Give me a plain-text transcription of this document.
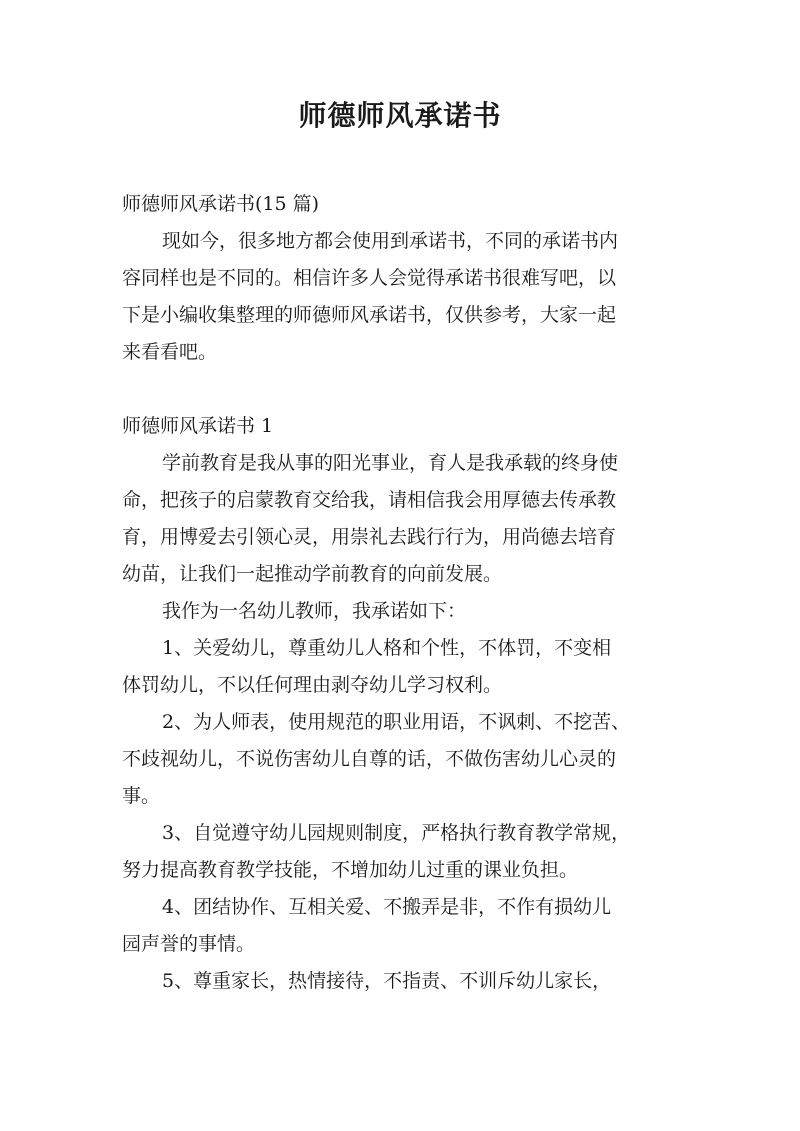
师德师风承诺书
师德师风承诺书(15 篇)
现如今，很多地方都会使用到承诺书，不同的承诺书内
容同样也是不同的。相信许多人会觉得承诺书很难写吧，以
下是小编收集整理的师德师风承诺书，仅供参考，大家一起
来看看吧。
师德师风承诺书 1
学前教育是我从事的阳光事业，育人是我承载的终身使
命，把孩子的启蒙教育交给我，请相信我会用厚德去传承教
育，用博爱去引领心灵，用崇礼去践行行为，用尚德去培育
幼苗，让我们一起推动学前教育的向前发展。
我作为一名幼儿教师，我承诺如下：
1、关爱幼儿，尊重幼儿人格和个性，不体罚，不变相
体罚幼儿，不以任何理由剥夺幼儿学习权利。
2、为人师表，使用规范的职业用语，不讽刺、不挖苦、
不歧视幼儿，不说伤害幼儿自尊的话，不做伤害幼儿心灵的
事。
3、自觉遵守幼儿园规则制度，严格执行教育教学常规，
努力提高教育教学技能，不增加幼儿过重的课业负担。
4、团结协作、互相关爱、不搬弄是非，不作有损幼儿
园声誉的事情。
5、尊重家长，热情接待，不指责、不训斥幼儿家长，
